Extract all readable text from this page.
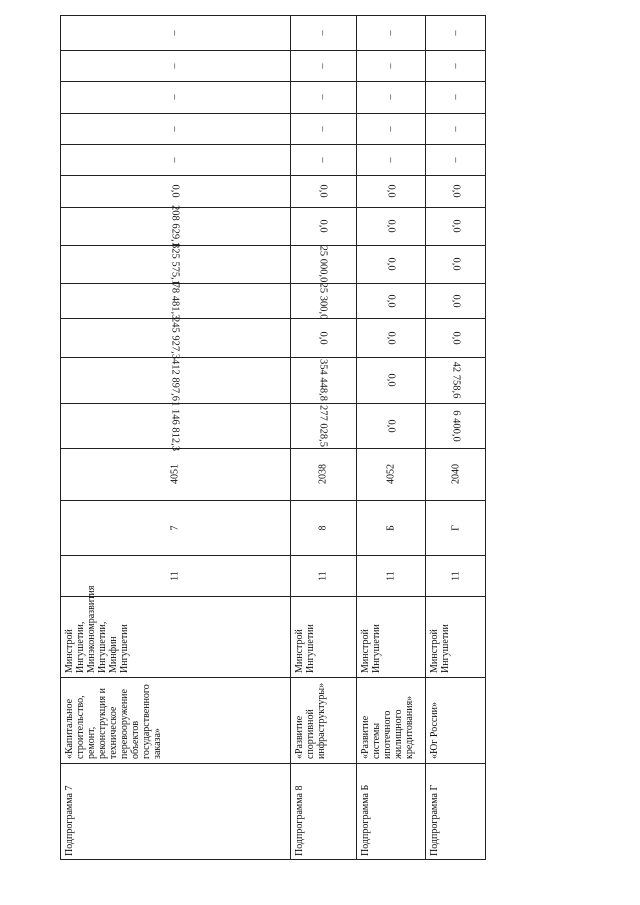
Подпрограмма 7
«Капитальное строительство, ремонт, реконструкция и техническое перевооружение объектов государственного заказа»
Минстрой Ингушетии, Минэкономразвития Ингушетии, Минфин Ингушетии
11
7
4051
1 146 812,3
412 897,6
245 927,3
78 481,3
325 575,1
208 629,1
0,0
–
–
–
–
–
Подпрограмма 8
«Развитие спортивной инфраструктуры»
Минстрой Ингушетии
11
8
2038
277 028,5
354 448,8
0,0
25 300,0
25 000,0
0,0
0,0
–
–
–
–
–
Подпрограмма Б
«Развитие системы ипотечного жилищного кредитования»
Минстрой Ингушетии
11
Б
4052
0,0
0,0
0,0
0,0
0,0
0,0
0,0
–
–
–
–
–
Подпрограмма Г
«Юг России»
Минстрой Ингушетии
11
Г
2040
6 400,0
42 758,6
0,0
0,0
0,0
0,0
0,0
–
–
–
–
–
